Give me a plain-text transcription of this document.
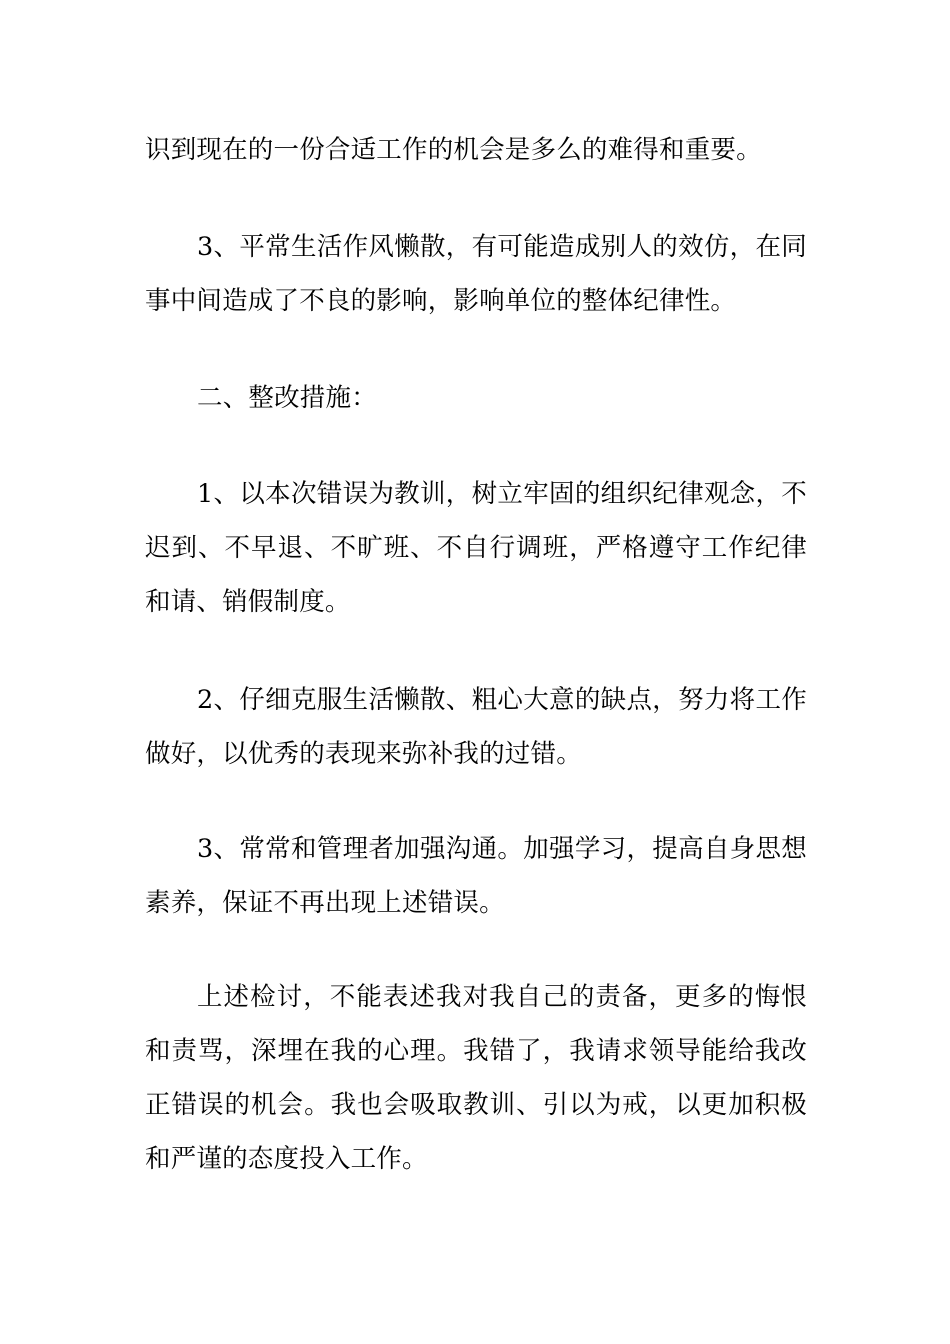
识到现在的一份合适工作的机会是多么的难得和重要。

3、平常生活作风懒散，有可能造成别人的效仿，在同事中间造成了不良的影响，影响单位的整体纪律性。

二、整改措施：

1、以本次错误为教训，树立牢固的组织纪律观念，不迟到、不早退、不旷班、不自行调班，严格遵守工作纪律和请、销假制度。

2、仔细克服生活懒散、粗心大意的缺点，努力将工作做好，以优秀的表现来弥补我的过错。

3、常常和管理者加强沟通。加强学习，提高自身思想素养，保证不再出现上述错误。

上述检讨，不能表述我对我自己的责备，更多的悔恨和责骂，深埋在我的心理。我错了，我请求领导能给我改正错误的机会。我也会吸取教训、引以为戒，以更加积极和严谨的态度投入工作。
